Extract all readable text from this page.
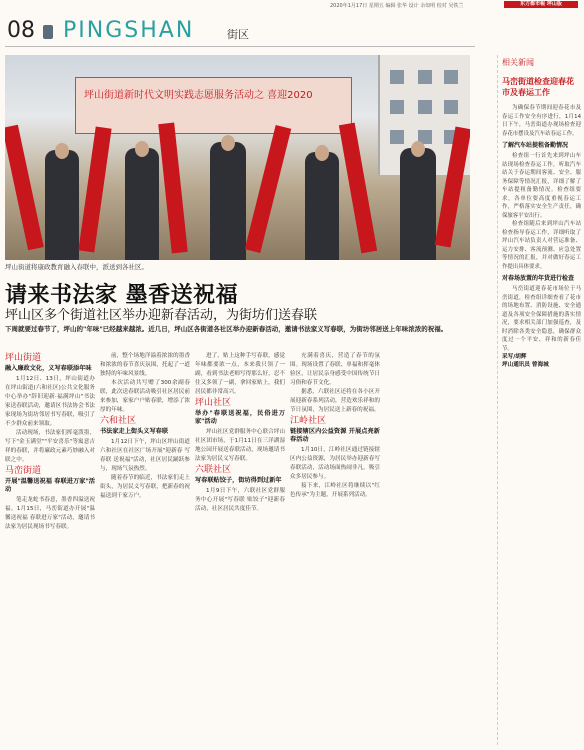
2020年1月17日 星期五 编辑 张华 设计 余如明 校对 吴铁兰	东方都市報 坪山版
08 PINGSHAN	街区
坪山街道新时代文明实践志愿服务活动之 喜迎2020
坪山街道将康政教育融入春联中，派送到各社区。
请来书法家 墨香送祝福
坪山区多个街道社区举办迎新春活动，为街坊们送春联
下周就要过春节了，坪山的"年味"已经越来越浓。近几日，坪山区各街道各社区举办迎新春活动，邀请书法家义写春联，为街坊邻居送上年味浓浓的祝福。
坪山街道
融入廉政文化，义写春联添年味

1月12日、13日，坪山街道办在坪山街道(六和社区)公共文化服务中心举办"辞旧迎新·福满坪山"书法家送春联活动，邀请区书法协会书法家现场为街坊邻居书写春联，吸引了不少群众前来领取。

活动现场，书法家们挥毫泼墨，写下"金玉满堂""平安喜乐"等寓意吉祥的春联，并将廉政元素巧妙融入对联之中。

马峦街道
开展"温馨送祝福 春联进万家"活动

笔走龙蛇书春意，墨香四溢送祝福。1月15日，马峦街道办开展"温馨送祝福 春联进万家"活动，邀请书法家为居民现场书写春联。

前，整个场地洋溢着浓浓的墨香和浓浓的春节喜庆氛围，托起了一道独特的年味风景线。

本次活动共写赠了300余副春联，此次送春联活动吸引社区居民前来参加，家家户户贴春联，增添了浓厚的年味。

六和社区
书法家走上街头义写春联

1月12日下午，坪山区坪山街道六和社区在社区广场开展"迎新春 写春联 送祝福"活动，社区居民踊跃参与，现场气氛热烈。

随着春节的临近，书法家们走上街头，为居民义写春联，把新春的祝福送到千家万户。

进了，贴上这种手写春联，感觉年味都要浓一点，本来我只领了一副，看到书法老师写得那么好，忍不住又多领了一副，拿回家贴上，我们居民都非常高兴。

坪山社区
举办"春联送祝福，民俗进万家"活动

坪山社区党群服务中心联合坪山社区团市场，于1月11日在三洋湖湿地公园开展送春联活动，现场邀请书法家为居民义写春联。

六联社区
写春联贴饺子，街坊得到过新年

1月9日下午，六联社区党群服务中心开展"写春联 贴饺子"迎新春活动，社区居民共度佳节。

充满着喜庆，营造了春节的氛围。现场设置了春联、单福和挥毫体验区，让居民亲身感受中国传统节日习俗和春节文化。

据悉，六联社区还将在各小区开展迎新春系列活动，营造欢乐祥和的节日氛围，为居民送上新春的祝福。

江岭社区
链接辖区内公益资源 开展点亮新春活动

1月10日，江岭社区通过链接辖区内公益资源，为居民举办迎新春写春联活动，活动场面热闹非凡，吸引众多居民参与。

接下来，江岭社区将继续以"红色传承"为主题，开展系列活动。

相关新闻
马峦街道检查迎春花市及春运工作

为确保春节期间迎春花市及春运工作安全有序进行，1月14日下午，马峦街道办现场检查迎春花市摆设及汽车站春运工作。

了解汽车站提租备勤情况

检查组一行首先来到坪山车站现场检查春运工作，听取汽车站关于春运期间客流、安全、服务保障等情况汇报，详细了解了车站提租备勤情况。检查组要求，各单位要高度重视春运工作，严格落实安全生产责任，确保旅客平安出行。

检查组随后来到坪山汽车站检查指导春运工作，详细听取了坪山汽车站负责人对营运准备、运力安排、客流预测、应急处置等情况的汇报，并对做好春运工作提出具体要求。

对春场放置的年货进行检查

马峦街道迎春花市场位于马峦街道，检查组详细查看了花市的场地布置、消防设施、安全通道及各项安全保障措施的落实情况，要求相关部门加强巡查，及时消除各类安全隐患，确保群众度过一个平安、祥和的新春佳节。

采写/胡辉
坪山通讯员 曾海城
